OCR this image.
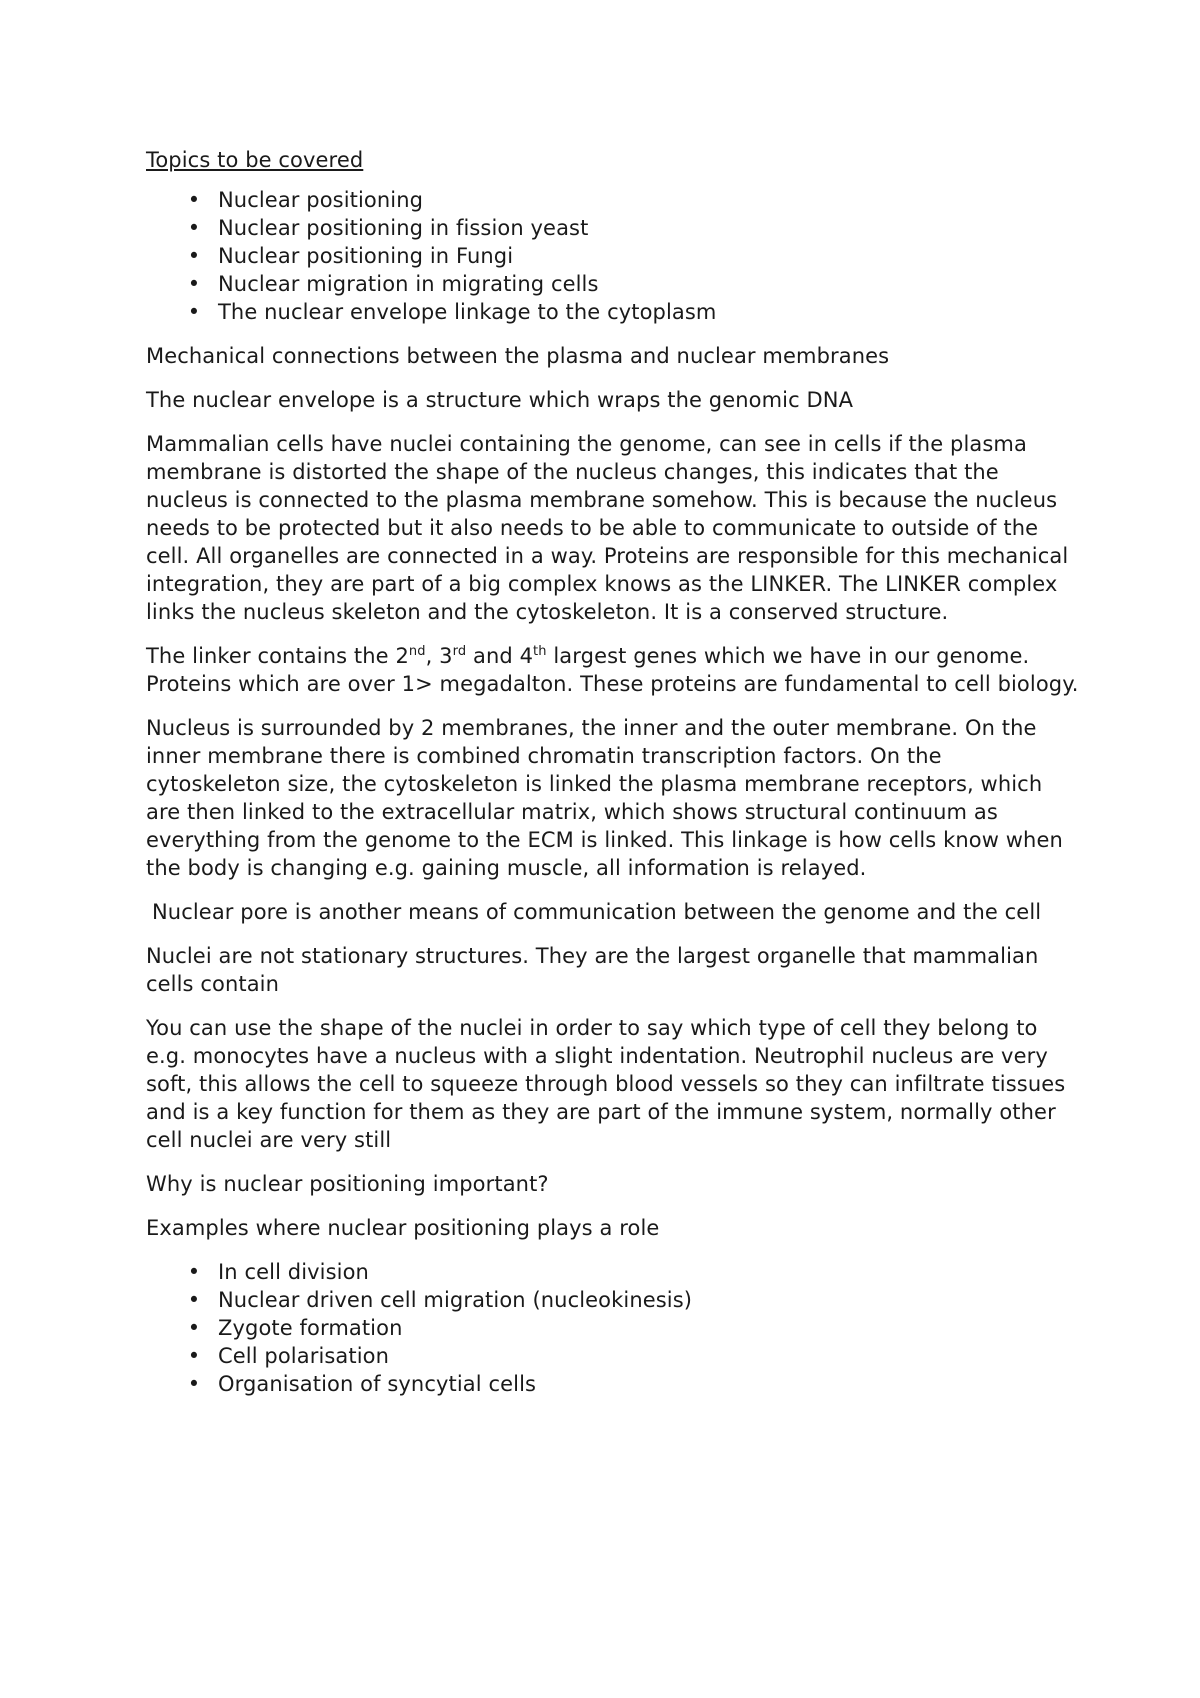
Topics to be covered

• Nuclear positioning
• Nuclear positioning in fission yeast
• Nuclear positioning in Fungi
• Nuclear migration in migrating cells
• The nuclear envelope linkage to the cytoplasm

Mechanical connections between the plasma and nuclear membranes

The nuclear envelope is a structure which wraps the genomic DNA

Mammalian cells have nuclei containing the genome, can see in cells if the plasma membrane is distorted the shape of the nucleus changes, this indicates that the nucleus is connected to the plasma membrane somehow. This is because the nucleus needs to be protected but it also needs to be able to communicate to outside of the cell. All organelles are connected in a way. Proteins are responsible for this mechanical integration, they are part of a big complex knows as the LINKER. The LINKER complex links the nucleus skeleton and the cytoskeleton. It is a conserved structure.

The linker contains the 2nd, 3rd and 4th largest genes which we have in our genome. Proteins which are over 1> megadalton. These proteins are fundamental to cell biology.

Nucleus is surrounded by 2 membranes, the inner and the outer membrane. On the inner membrane there is combined chromatin transcription factors. On the cytoskeleton size, the cytoskeleton is linked the plasma membrane receptors, which are then linked to the extracellular matrix, which shows structural continuum as everything from the genome to the ECM is linked. This linkage is how cells know when the body is changing e.g. gaining muscle, all information is relayed.

Nuclear pore is another means of communication between the genome and the cell

Nuclei are not stationary structures. They are the largest organelle that mammalian cells contain

You can use the shape of the nuclei in order to say which type of cell they belong to e.g. monocytes have a nucleus with a slight indentation. Neutrophil nucleus are very soft, this allows the cell to squeeze through blood vessels so they can infiltrate tissues and is a key function for them as they are part of the immune system, normally other cell nuclei are very still

Why is nuclear positioning important?

Examples where nuclear positioning plays a role

• In cell division
• Nuclear driven cell migration (nucleokinesis)
• Zygote formation
• Cell polarisation
• Organisation of syncytial cells
